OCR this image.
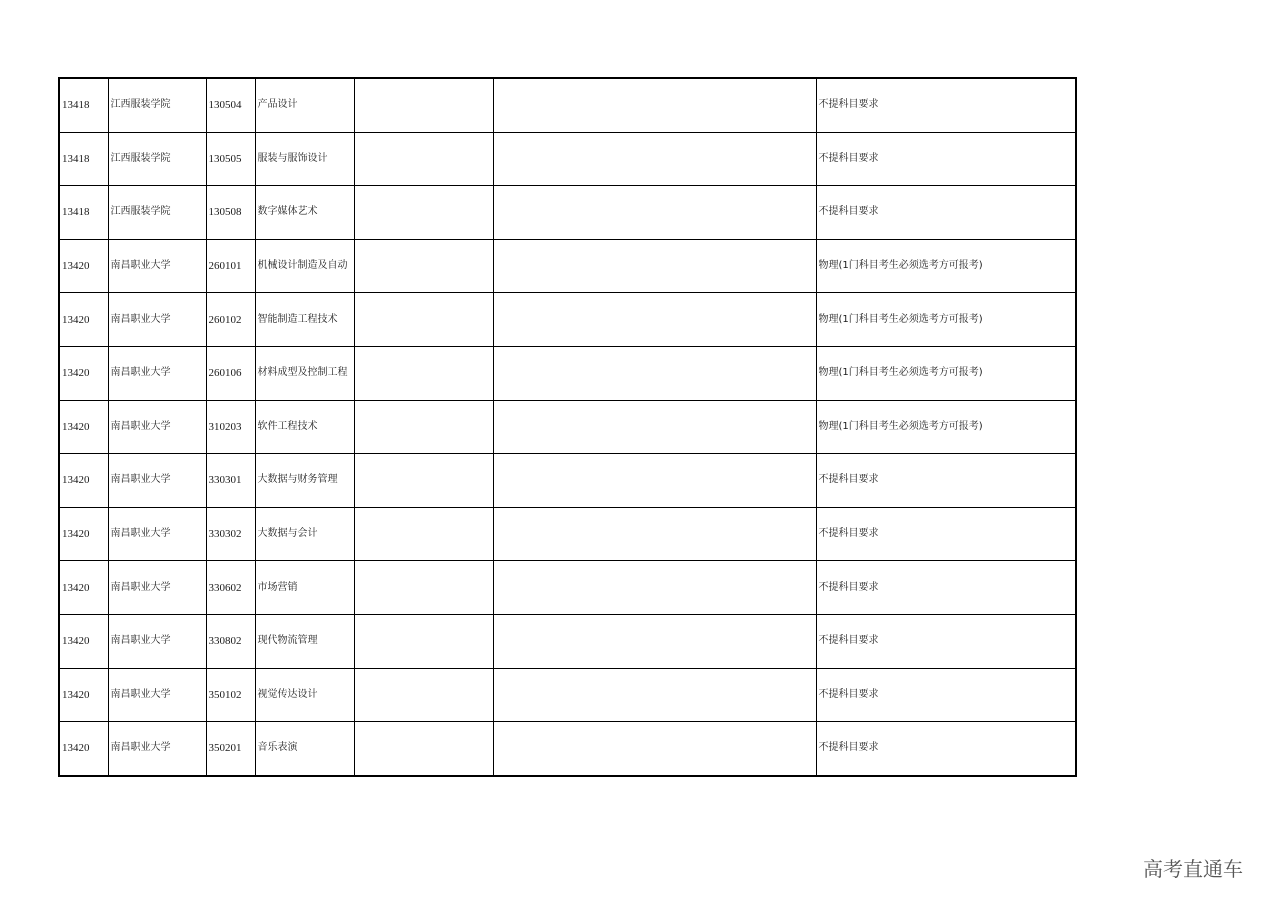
13418	江西服装学院	130504	产品设计			不提科目要求
13418	江西服装学院	130505	服装与服饰设计			不提科目要求
13418	江西服装学院	130508	数字媒体艺术			不提科目要求
13420	南昌职业大学	260101	机械设计制造及自动			物理(1门科目考生必须选考方可报考)
13420	南昌职业大学	260102	智能制造工程技术			物理(1门科目考生必须选考方可报考)
13420	南昌职业大学	260106	材料成型及控制工程			物理(1门科目考生必须选考方可报考)
13420	南昌职业大学	310203	软件工程技术			物理(1门科目考生必须选考方可报考)
13420	南昌职业大学	330301	大数据与财务管理			不提科目要求
13420	南昌职业大学	330302	大数据与会计			不提科目要求
13420	南昌职业大学	330602	市场营销			不提科目要求
13420	南昌职业大学	330802	现代物流管理			不提科目要求
13420	南昌职业大学	350102	视觉传达设计			不提科目要求
13420	南昌职业大学	350201	音乐表演			不提科目要求
高考直通车
